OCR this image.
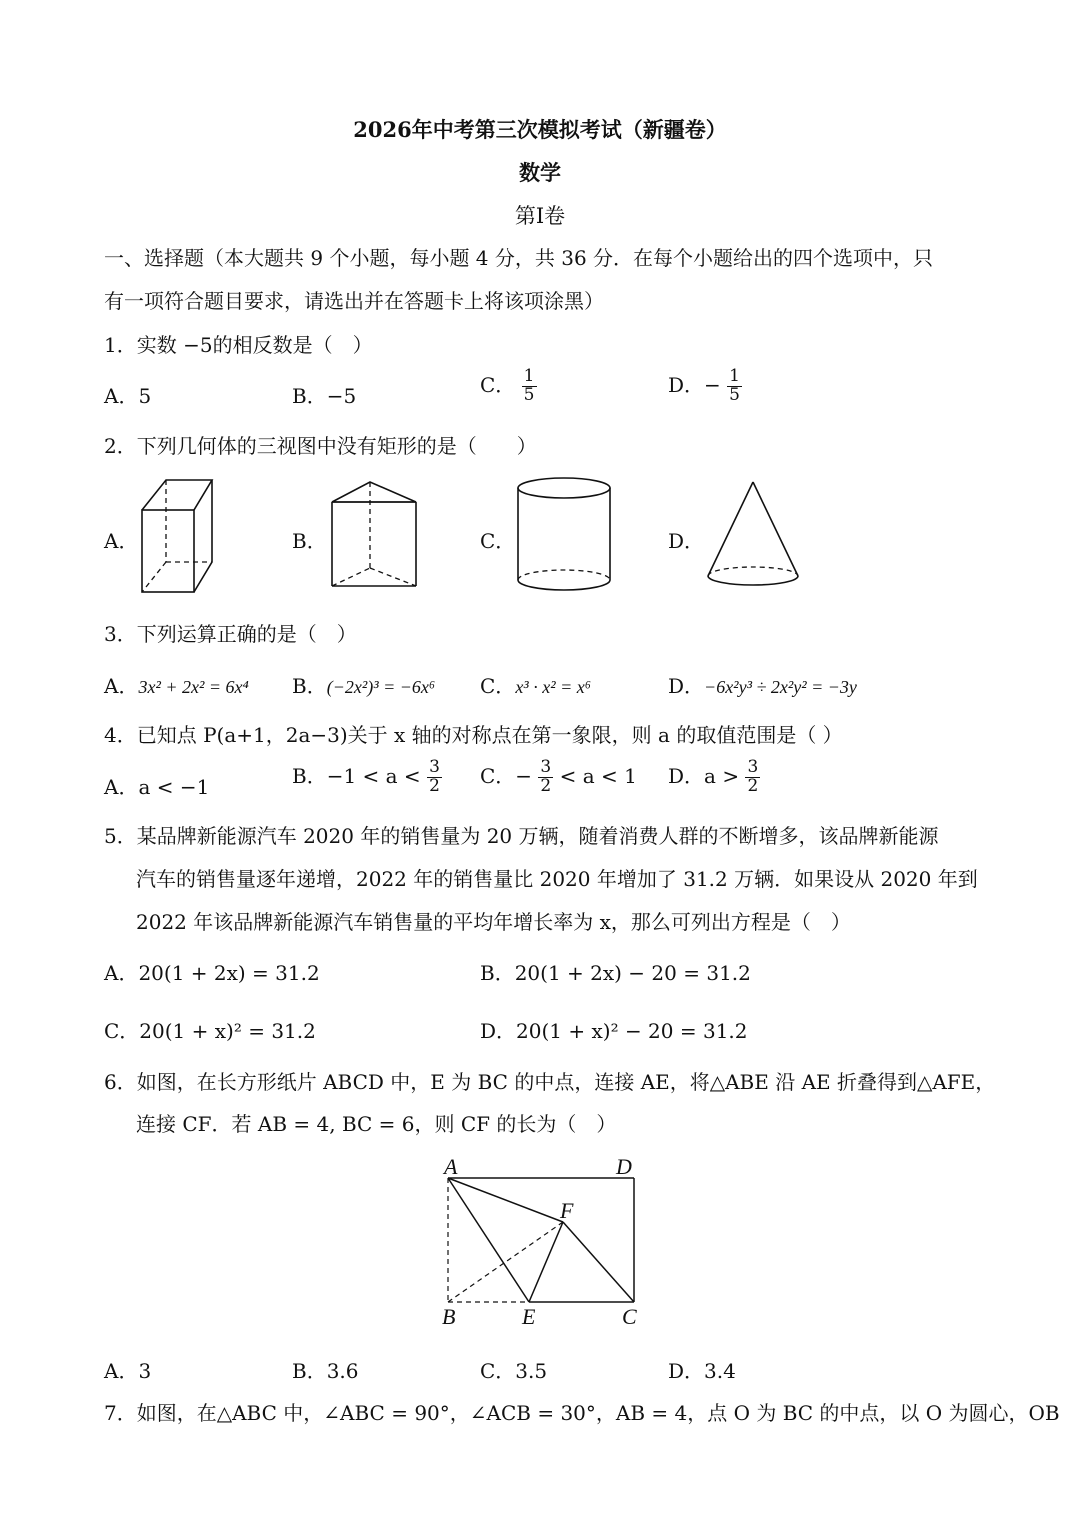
2026年中考第三次模拟考试（新疆卷）
数学
第Ⅰ卷
一、选择题（本大题共 9 个小题，每小题 4 分，共 36 分．在每个小题给出的四个选项中，只
有一项符合题目要求，请选出并在答题卡上将该项涂黑）
1．实数 −5的相反数是（　）
A．5	B．−5	C． $\frac{1}{5}$	D．− $\frac{1}{5}$
2．下列几何体的三视图中没有矩形的是（　　）
A．	B．	C．	D．
3．下列运算正确的是（　）
A．3x² + 2x² = 6x⁴ B．(−2x²)³ = −6x⁶ C．x³ · x² = x⁶	D．−6x²y³ ÷ 2x²y² = −3y
4．已知点 P(a+1，2a−3)关于 x 轴的对称点在第一象限，则 a 的取值范围是（ ）
A．a < −1	B．$-1 < a < \frac{3}{2}$ C．− $\frac{3}{2} < a < 1$ D．$a > \frac{3}{2}$
5．某品牌新能源汽车 2020 年的销售量为 20 万辆，随着消费人群的不断增多，该品牌新能源
汽车的销售量逐年递增，2022 年的销售量比 2020 年增加了 31.2 万辆．如果设从 2020 年到
2022 年该品牌新能源汽车销售量的平均年增长率为 x，那么可列出方程是（　）
A．20(1 + 2x) = 31.2	B．20(1 + 2x) − 20 = 31.2
C．20(1 + x)² = 31.2	D．20(1 + x)² − 20 = 31.2
6．如图，在长方形纸片 ABCD 中，E 为 BC 的中点，连接 AE，将△ABE 沿 AE 折叠得到△AFE，
连接 CF．若 AB = 4, BC = 6，则 CF 的长为（　）
A	D
F
B	E	C
A．3	B．3.6	C．3.5	D．3.4
7．如图，在△ABC 中，∠ABC = 90°，∠ACB = 30°，AB = 4，点 O 为 BC 的中点，以 O 为圆心，OB
